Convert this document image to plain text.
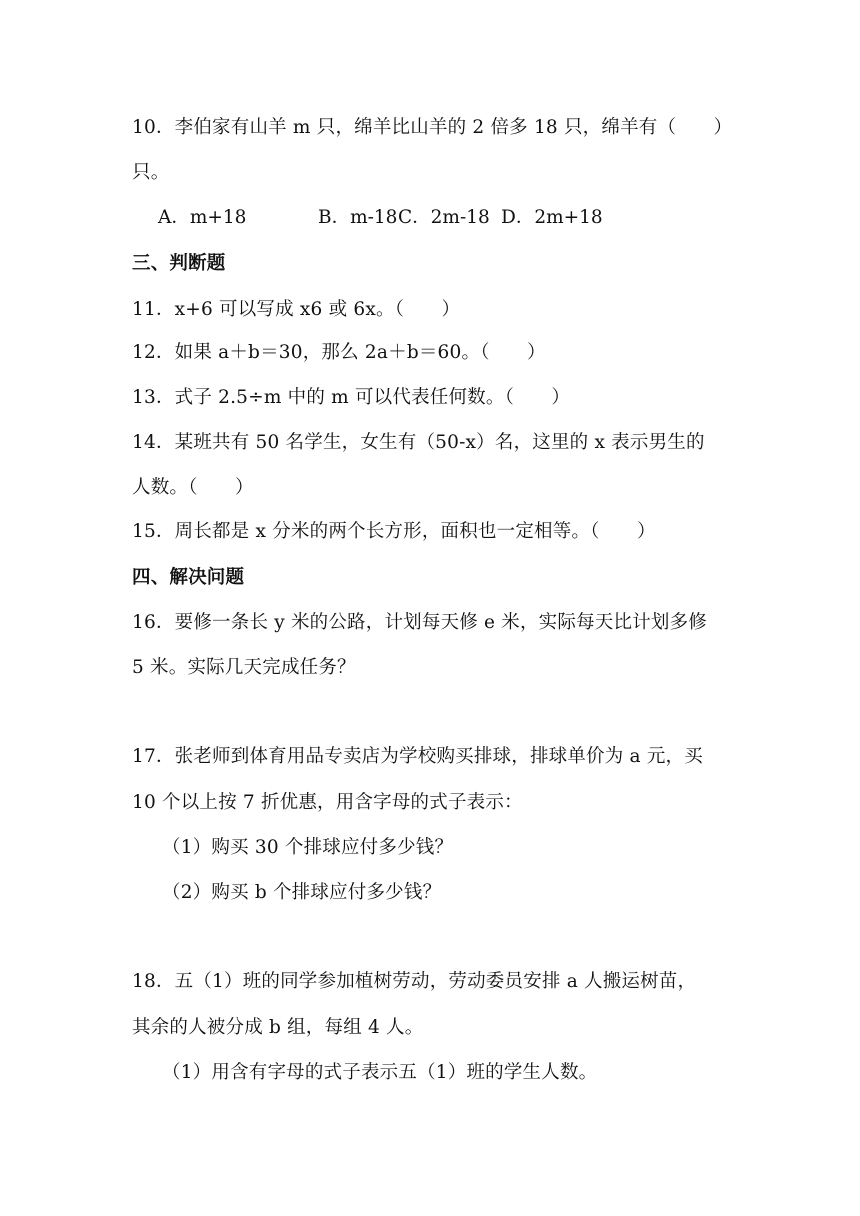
10．李伯家有山羊 m 只，绵羊比山羊的 2 倍多 18 只，绵羊有（　　）
只。
A．m+18	B．m-18 C．2m-18 D．2m+18
三、判断题
11．x+6 可以写成 x6 或 6x。（　　）
12．如果 a＋b＝30，那么 2a＋b＝60。（　　）
13．式子 2.5÷m 中的 m 可以代表任何数。（　　）
14．某班共有 50 名学生，女生有（50-x）名，这里的 x 表示男生的
人数。（　　）
15．周长都是 x 分米的两个长方形，面积也一定相等。（　　）
四、解决问题
16．要修一条长 y 米的公路，计划每天修 e 米，实际每天比计划多修
5 米。实际几天完成任务？
17．张老师到体育用品专卖店为学校购买排球，排球单价为 a 元，买
10 个以上按 7 折优惠，用含字母的式子表示：
（1）购买 30 个排球应付多少钱？
（2）购买 b 个排球应付多少钱？
18．五（1）班的同学参加植树劳动，劳动委员安排 a 人搬运树苗，
其余的人被分成 b 组，每组 4 人。
（1）用含有字母的式子表示五（1）班的学生人数。
